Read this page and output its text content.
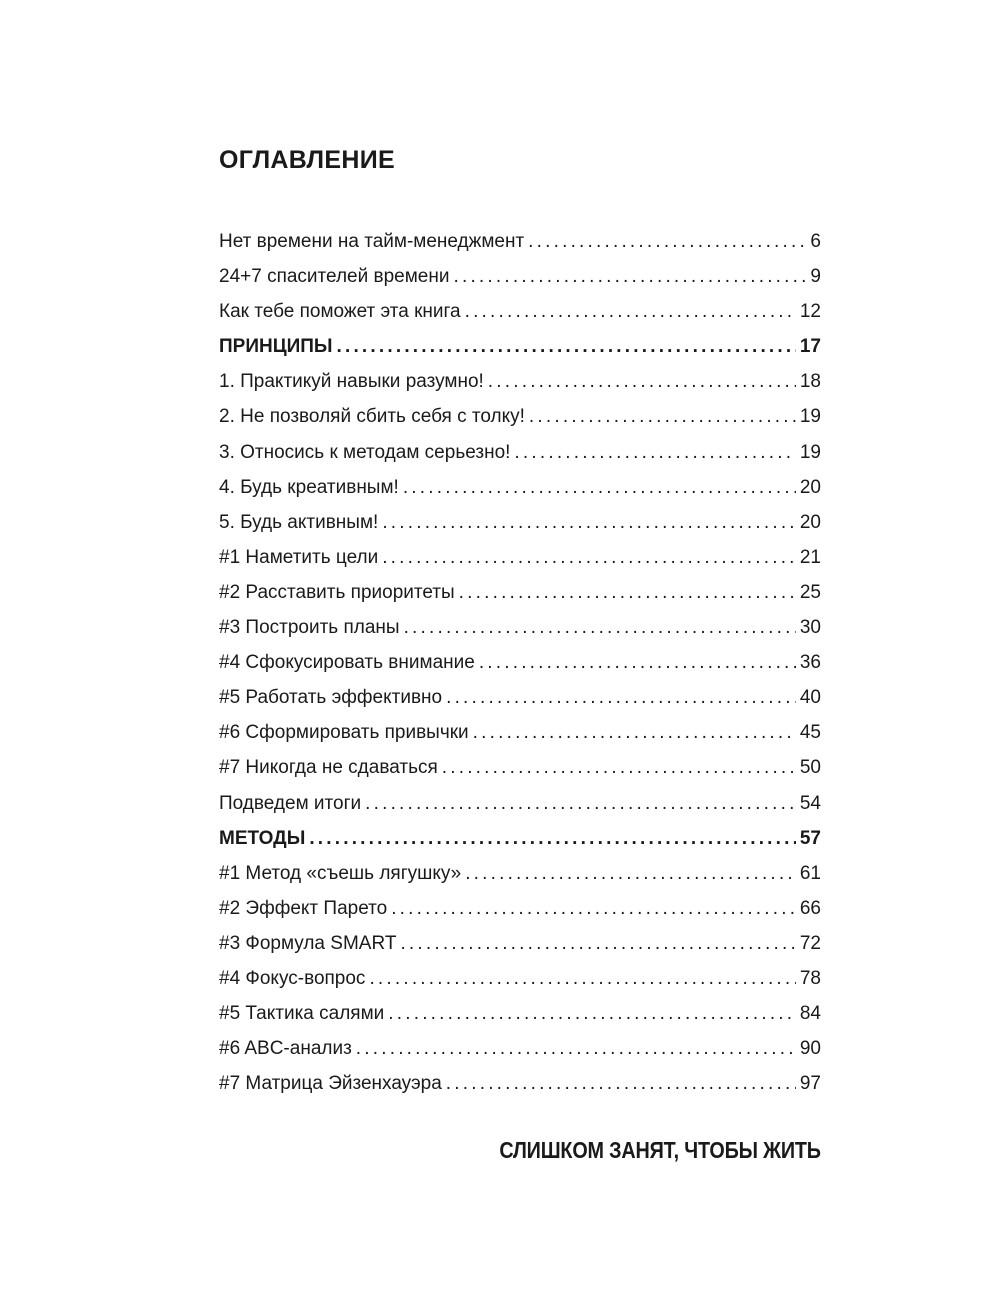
ОГЛАВЛЕНИЕ
Нет времени на тайм-менеджмент .....	6
24+7 спасителей времени .....	9
Как тебе поможет эта книга .....	12
ПРИНЦИПЫ .....	17
1. Практикуй навыки разумно! .....	18
2. Не позволяй сбить себя с толку! .....	19
3. Относись к методам серьезно! .....	19
4. Будь креативным! .....	20
5. Будь активным! .....	20
#1 Наметить цели .....	21
#2 Расставить приоритеты .....	25
#3 Построить планы .....	30
#4 Сфокусировать внимание .....	36
#5 Работать эффективно .....	40
#6 Сформировать привычки .....	45
#7 Никогда не сдаваться .....	50
Подведем итоги .....	54
МЕТОДЫ .....	57
#1 Метод «съешь лягушку» .....	61
#2 Эффект Парето .....	66
#3 Формула SMART .....	72
#4 Фокус-вопрос .....	78
#5 Тактика салями .....	84
#6 ABC-анализ .....	90
#7 Матрица Эйзенхауэра .....	97
СЛИШКОМ ЗАНЯТ, ЧТОБЫ ЖИТЬ
